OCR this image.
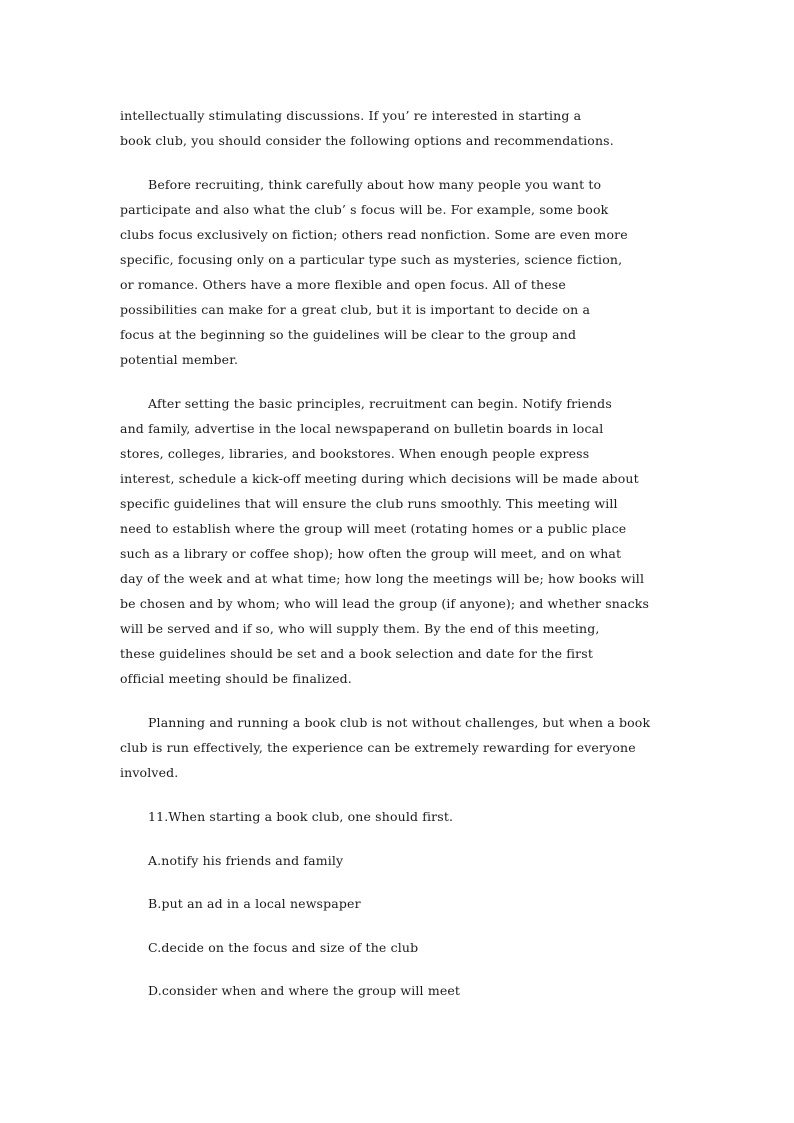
intellectually stimulating discussions. If you’ re interested in starting a
book club, you should consider the following options and recommendations.
Before recruiting, think carefully about how many people you want to
participate and also what the club’ s focus will be. For example, some book
clubs focus exclusively on fiction; others read nonfiction. Some are even more
specific, focusing only on a particular type such as mysteries, science fiction,
or romance. Others have a more flexible and open focus. All of these
possibilities can make for a great club, but it is important to decide on a
focus at the beginning so the guidelines will be clear to the group and
potential member.
After setting the basic principles, recruitment can begin. Notify friends
and family, advertise in the local newspaperand on bulletin boards in local
stores, colleges, libraries, and bookstores. When enough people express
interest, schedule a kick-off meeting during which decisions will be made about
specific guidelines that will ensure the club runs smoothly. This meeting will
need to establish where the group will meet (rotating homes or a public place
such as a library or coffee shop); how often the group will meet, and on what
day of the week and at what time; how long the meetings will be; how books will
be chosen and by whom; who will lead the group (if anyone); and whether snacks
will be served and if so, who will supply them. By the end of this meeting,
these guidelines should be set and a book selection and date for the first
official meeting should be finalized.
Planning and running a book club is not without challenges, but when a book
club is run effectively, the experience can be extremely rewarding for everyone
involved.
11.When starting a book club, one should first.
A.notify his friends and family
B.put an ad in a local newspaper
C.decide on the focus and size of the club
D.consider when and where the group will meet
